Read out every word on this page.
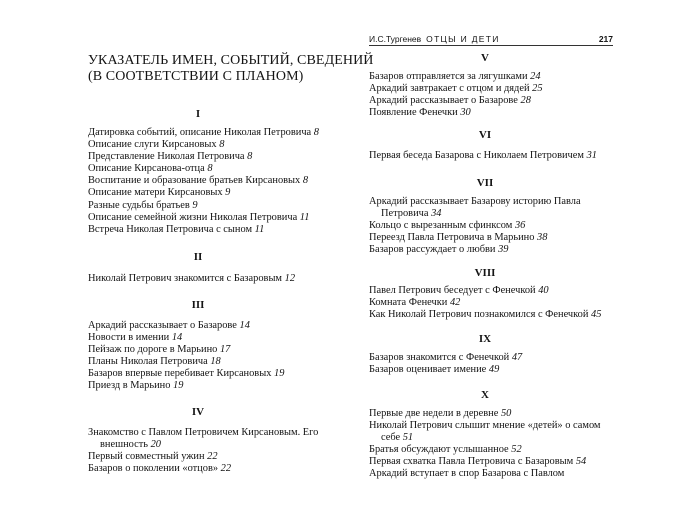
УКАЗАТЕЛЬ ИМЕН, СОБЫТИЙ, СВЕДЕНИЙ
(В СООТВЕТСТВИИ С ПЛАНОМ)
I
Датировка событий, описание Николая Петровича 8
Описание слуги Кирсановых 8
Представление Николая Петровича 8
Описание Кирсанова-отца 8
Воспитание и образование братьев Кирсановых 8
Описание матери Кирсановых 9
Разные судьбы братьев 9
Описание семейной жизни Николая Петровича 11
Встреча Николая Петровича с сыном 11
II
Николай Петрович знакомится с Базаровым 12
III
Аркадий рассказывает о Базарове 14
Новости в имении 14
Пейзаж по дороге в Марьино 17
Планы Николая Петровича 18
Базаров впервые перебивает Кирсановых 19
Приезд в Марьино 19
IV
Знакомство с Павлом Петровичем Кирсановым. Его
внешность 20
Первый совместный ужин 22
Базаров о поколении «отцов» 22
И.С.Тургенев ОТЦЫ И ДЕТИ	217
V
Базаров отправляется за лягушками 24
Аркадий завтракает с отцом и дядей 25
Аркадий рассказывает о Базарове 28
Появление Фенечки 30
VI
Первая беседа Базарова с Николаем Петровичем 31
VII
Аркадий рассказывает Базарову историю Павла
Петровича 34
Кольцо с вырезанным сфинксом 36
Переезд Павла Петровича в Марьино 38
Базаров рассуждает о любви 39
VIII
Павел Петрович беседует с Фенечкой 40
Комната Фенечки 42
Как Николай Петрович познакомился с Фенечкой 45
IX
Базаров знакомится с Фенечкой 47
Базаров оценивает имение 49
X
Первые две недели в деревне 50
Николай Петрович слышит мнение «детей» о самом
себе 51
Братья обсуждают услышанное 52
Первая схватка Павла Петровича с Базаровым 54
Аркадий вступает в спор Базарова с Павлом
